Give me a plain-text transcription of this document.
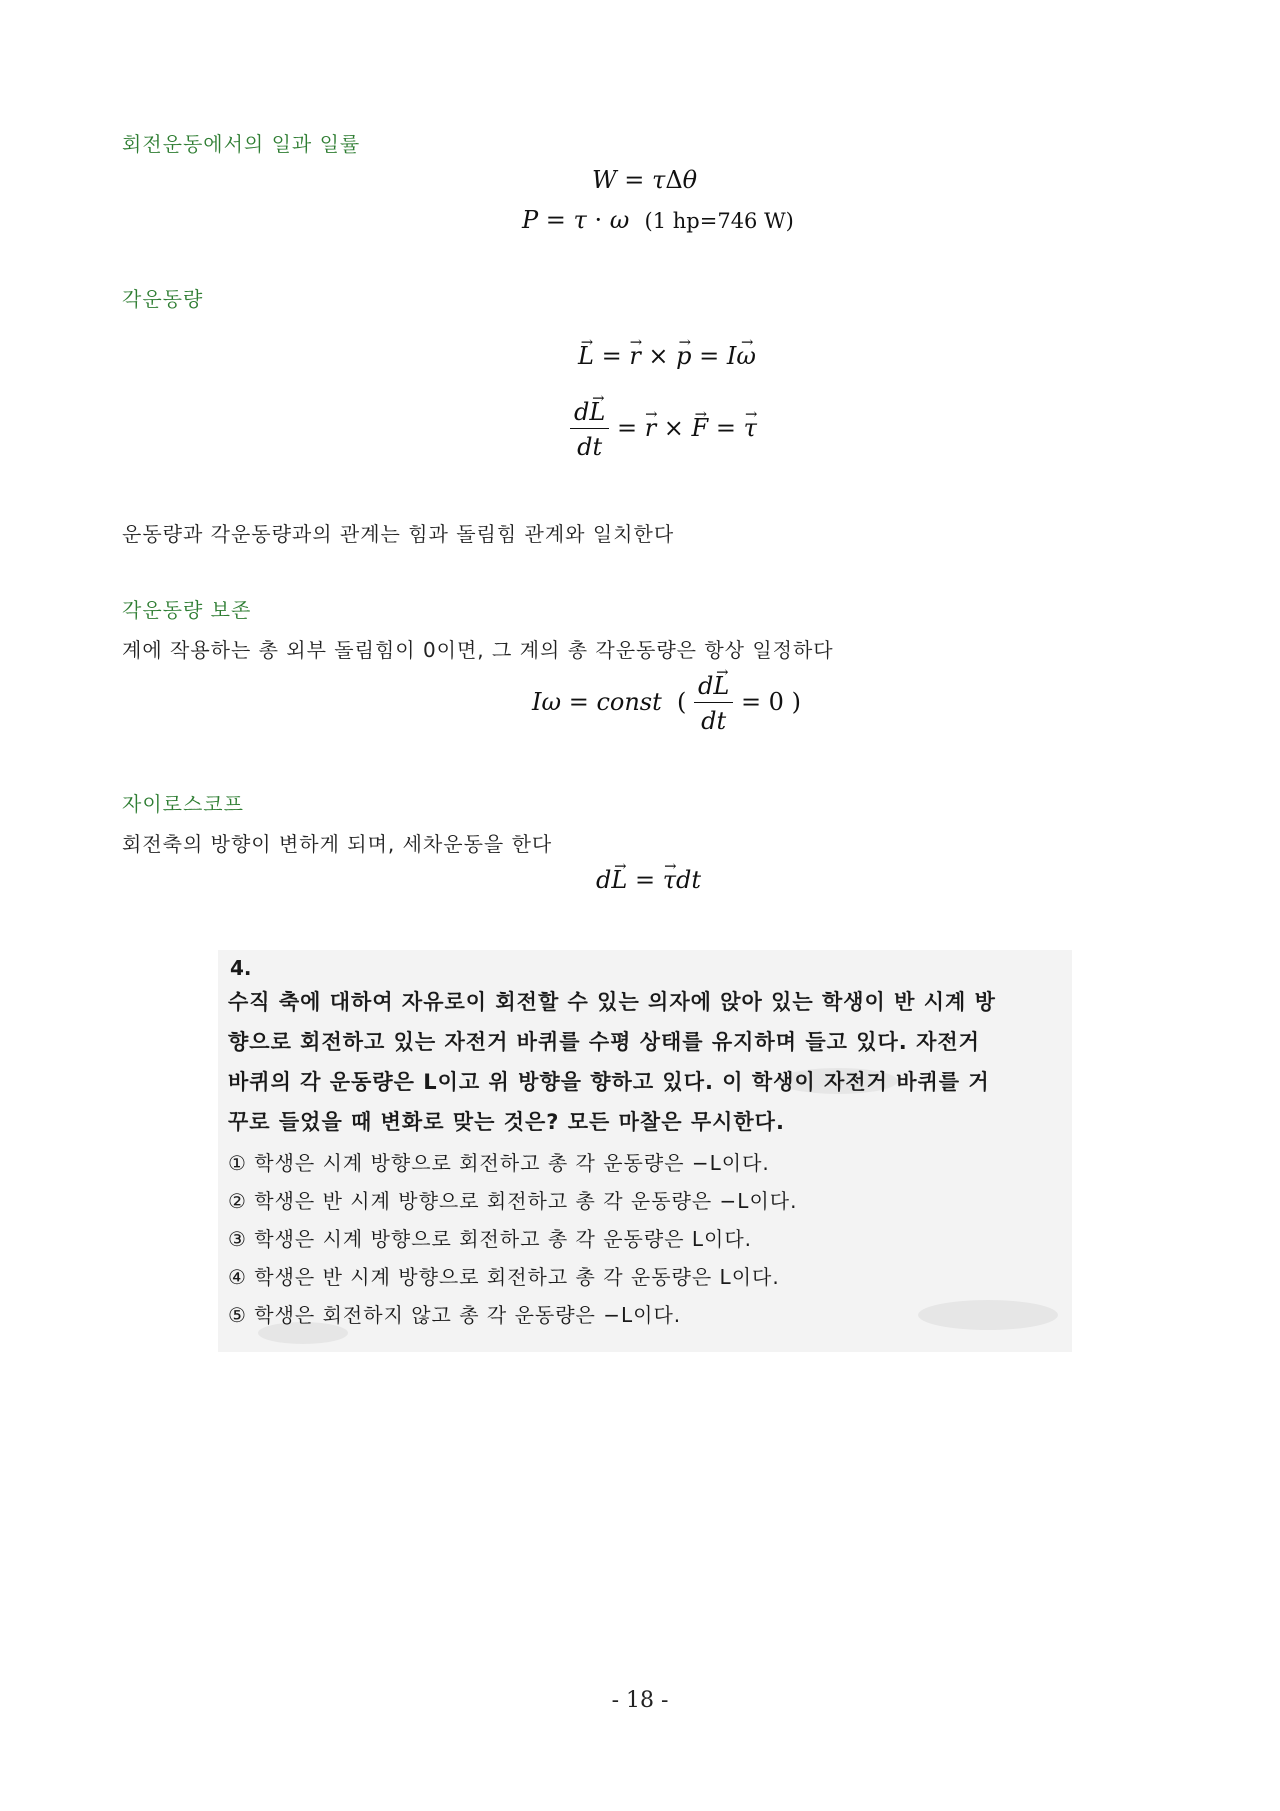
회전운동에서의 일과 일률
W = τΔθ
P = τ · ω (1 hp=746 W)
각운동량
→ L = → r × → p = I→ ω
$\frac{d\to L}{dt}$ = → r × → F = → τ
운동량과 각운동량과의 관계는 힘과 돌림힘 관계와 일치한다
각운동량 보존
계에 작용하는 총 외부 돌림힘이 0이면, 그 계의 총 각운동량은 항상 일정하다
Iω = const  ( $\frac{d\to L}{dt} = 0$ )
자이로스코프
회전축의 방향이 변하게 되며, 세차운동을 한다
d→ L = → τdt
4.
수직 축에 대하여 자유로이 회전할 수 있는 의자에 앉아 있는 학생이 반 시계 방
향으로 회전하고 있는 자전거 바퀴를 수평 상태를 유지하며 들고 있다. 자전거
바퀴의 각 운동량은 L이고 위 방향을 향하고 있다. 이 학생이 자전거 바퀴를 거
꾸로 들었을 때 변화로 맞는 것은? 모든 마찰은 무시한다.
① 학생은 시계 방향으로 회전하고 총 각 운동량은 −L이다.
② 학생은 반 시계 방향으로 회전하고 총 각 운동량은 −L이다.
③ 학생은 시계 방향으로 회전하고 총 각 운동량은 L이다.
④ 학생은 반 시계 방향으로 회전하고 총 각 운동량은 L이다.
⑤ 학생은 회전하지 않고 총 각 운동량은 −L이다.
- 18 -
